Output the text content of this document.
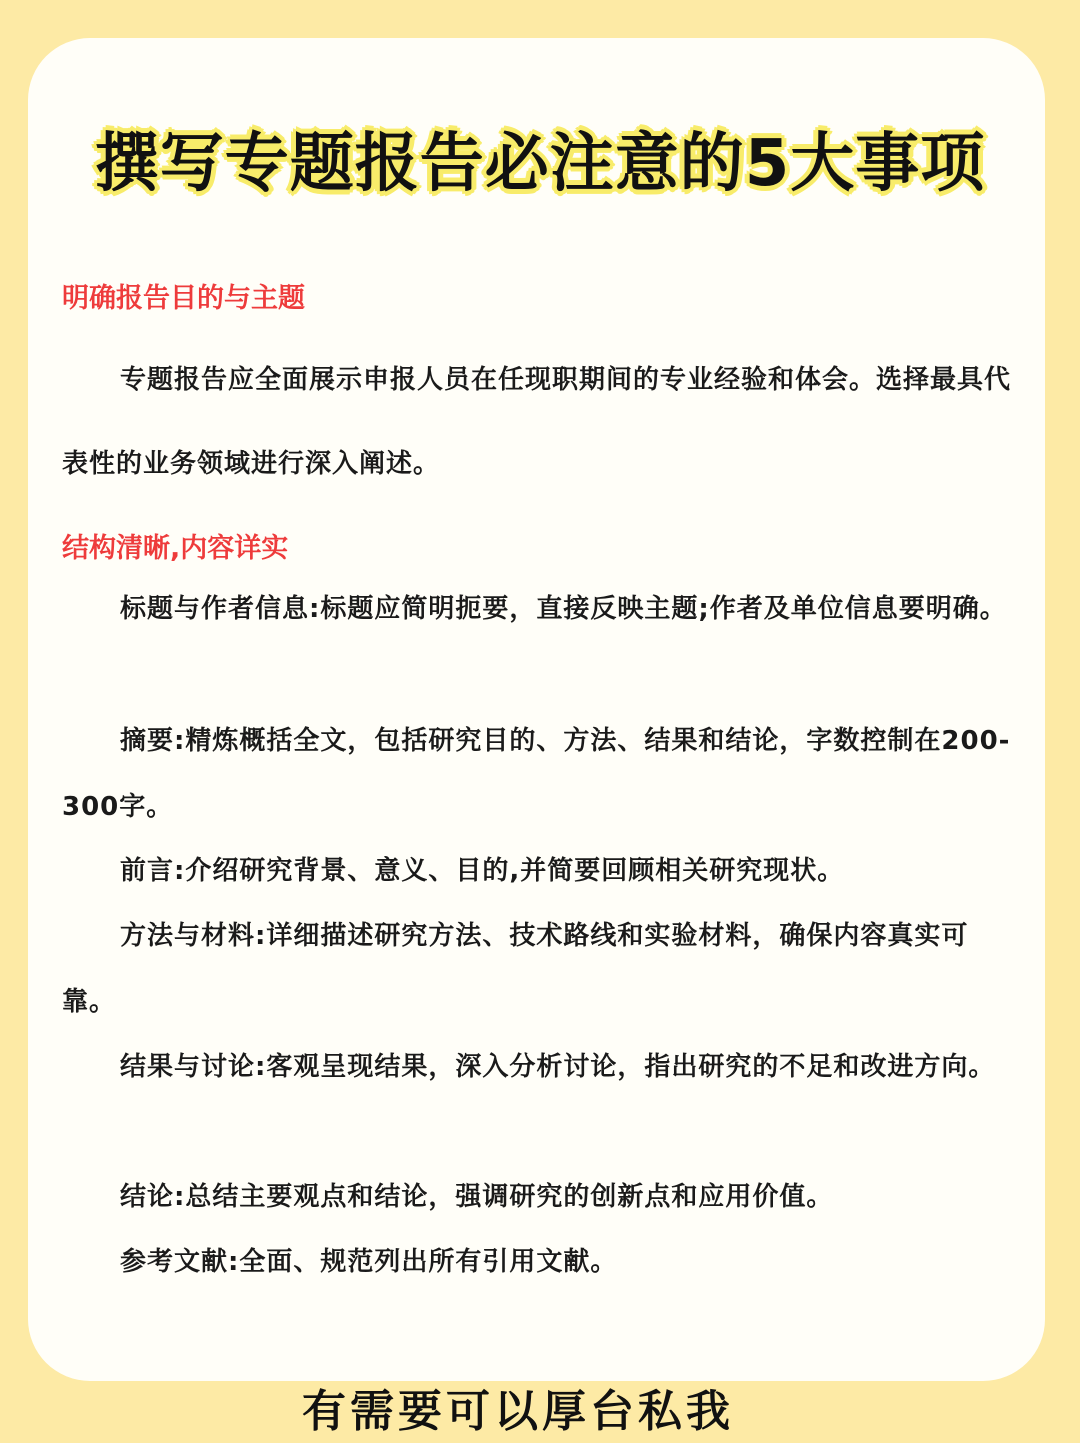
撰写专题报告必注意的5大事项
明确报告目的与主题
专题报告应全面展示申报人员在任现职期间的专业经验和体会。选择最具代表性的业务领域进行深入阐述。
结构清晰,内容详实
标题与作者信息:标题应简明扼要，直接反映主题;作者及单位信息要明确。
摘要:精炼概括全文，包括研究目的、方法、结果和结论，字数控制在200-300字。
前言:介绍研究背景、意义、目的,并简要回顾相关研究现状。
方法与材料:详细描述研究方法、技术路线和实验材料，确保内容真实可靠。
结果与讨论:客观呈现结果，深入分析讨论，指出研究的不足和改进方向。
结论:总结主要观点和结论，强调研究的创新点和应用价值。
参考文献:全面、规范列出所有引用文献。
有需要可以厚台私我
